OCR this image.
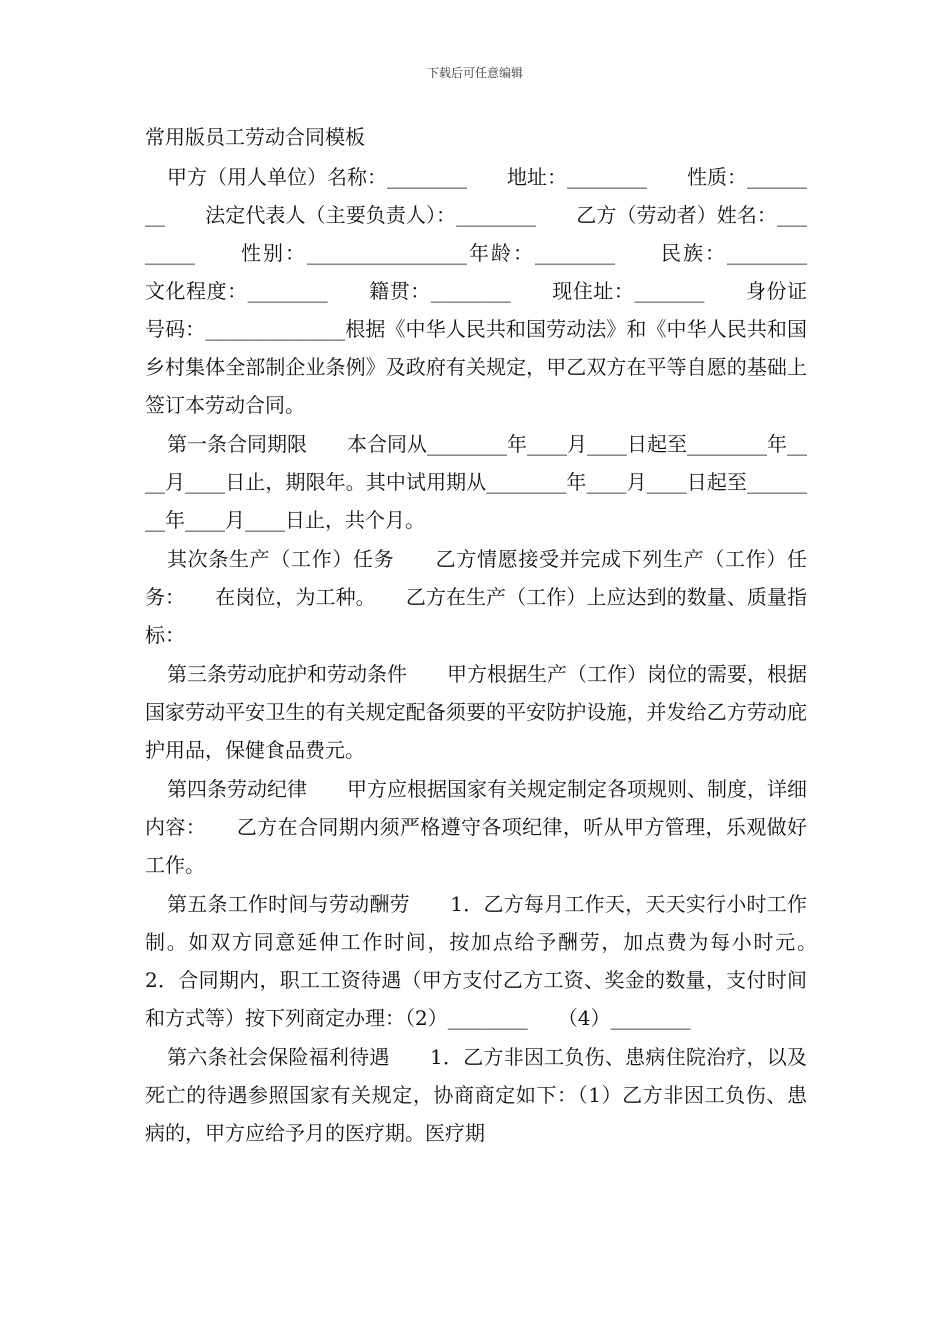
下载后可任意编辑
常用版员工劳动合同模板

甲方（用人单位）名称：________　　地址：________　　性质：________　　法定代表人（主要负责人）：________　　乙方（劳动者）姓名：________　　性别：________________年龄：________　　民族：________　　文化程度：________　　籍贯：________　　现住址：_______　　身份证号码：______________根据《中华人民共和国劳动法》和《中华人民共和国乡村集体全部制企业条例》及政府有关规定，甲乙双方在平等自愿的基础上签订本劳动合同。

第一条合同期限　　本合同从________年____月____日起至________年____月____日止，期限年。其中试用期从________年____月____日起至________年____月____日止，共个月。

其次条生产（工作）任务　　乙方情愿接受并完成下列生产（工作）任务：　　在岗位，为工种。　　乙方在生产（工作）上应达到的数量、质量指标：

第三条劳动庇护和劳动条件　　甲方根据生产（工作）岗位的需要，根据国家劳动平安卫生的有关规定配备须要的平安防护设施，并发给乙方劳动庇护用品，保健食品费元。

第四条劳动纪律　　甲方应根据国家有关规定制定各项规则、制度，详细内容：　　乙方在合同期内须严格遵守各项纪律，听从甲方管理，乐观做好工作。

第五条工作时间与劳动酬劳　　1．乙方每月工作天，天天实行小时工作制。如双方同意延伸工作时间，按加点给予酬劳，加点费为每小时元。　　2．合同期内，职工工资待遇（甲方支付乙方工资、奖金的数量，支付时间和方式等）按下列商定办理：（2）________　　（4）________

第六条社会保险福利待遇　　1．乙方非因工负伤、患病住院治疗，以及死亡的待遇参照国家有关规定，协商商定如下：（1）乙方非因工负伤、患病的，甲方应给予月的医疗期。医疗期
